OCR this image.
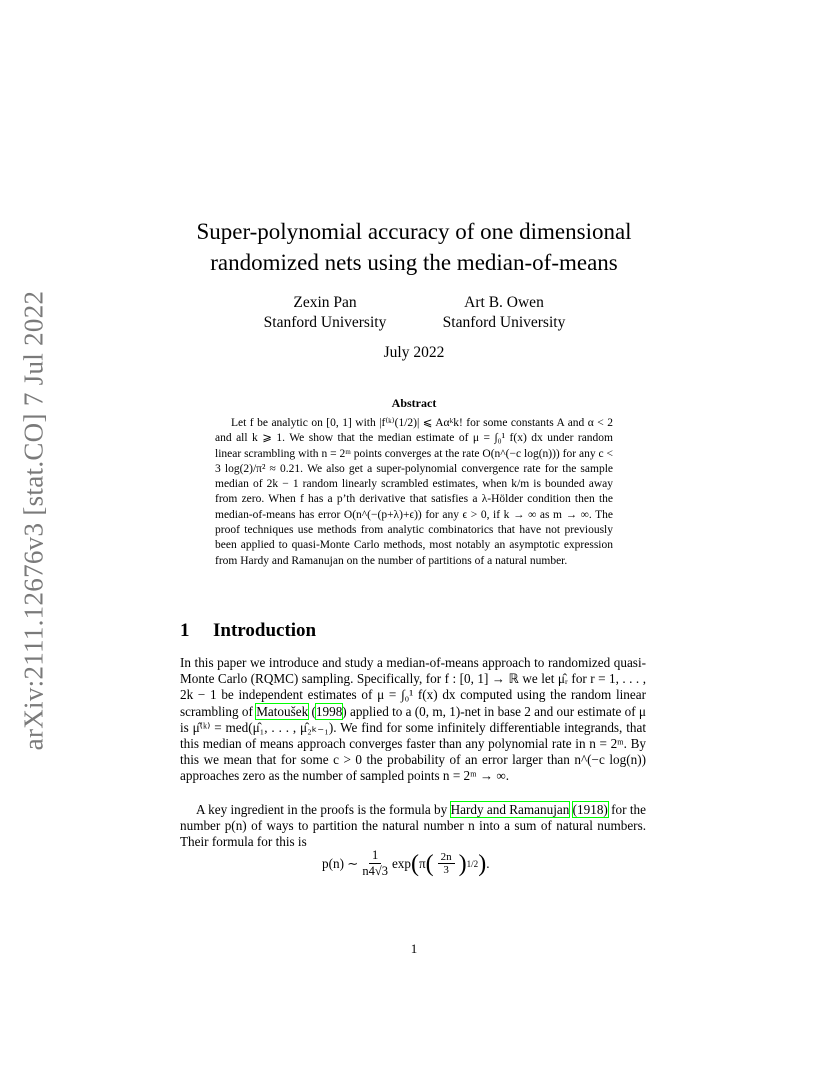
arXiv:2111.12676v3 [stat.CO] 7 Jul 2022
Super-polynomial accuracy of one dimensional
randomized nets using the median-of-means
Zexin Pan
Stanford University
Art B. Owen
Stanford University
July 2022
Abstract
Let f be analytic on [0, 1] with |f⁽ᵏ⁾(1/2)| ⩽ Aαᵏk! for some constants A and α < 2 and all k ⩾ 1. We show that the median estimate of μ = ∫₀¹ f(x) dx under random linear scrambling with n = 2ᵐ points converges at the rate O(n^(−c log(n))) for any c < 3 log(2)/π² ≈ 0.21. We also get a super-polynomial convergence rate for the sample median of 2k − 1 random linearly scrambled estimates, when k/m is bounded away from zero. When f has a p’th derivative that satisfies a λ-Hölder condition then the median-of-means has error O(n^(−(p+λ)+ϵ)) for any ϵ > 0, if k → ∞ as m → ∞. The proof techniques use methods from analytic combinatorics that have not previously been applied to quasi-Monte Carlo methods, most notably an asymptotic expression from Hardy and Ramanujan on the number of partitions of a natural number.
1 Introduction
In this paper we introduce and study a median-of-means approach to randomized quasi-Monte Carlo (RQMC) sampling. Specifically, for f : [0, 1] → ℝ we let μ̂ᵣ for r = 1, . . . , 2k − 1 be independent estimates of μ = ∫₀¹ f(x) dx computed using the random linear scrambling of Matoušek (1998) applied to a (0, m, 1)-net in base 2 and our estimate of μ is μ̂⁽ᵏ⁾ = med(μ̂₁, . . . , μ̂₂ₖ₋₁). We find for some infinitely differentiable integrands, that this median of means approach converges faster than any polynomial rate in n = 2ᵐ. By this we mean that for some c > 0 the probability of an error larger than n^(−c log(n)) approaches zero as the number of sampled points n = 2ᵐ → ∞.
A key ingredient in the proofs is the formula by Hardy and Ramanujan (1918) for the number p(n) of ways to partition the natural number n into a sum of natural numbers. Their formula for this is
p(n) ∼ $\frac{1}{n4√3}$ exp ( π ( $\frac{2n}{3}$ ) 1/2 ) .
1
